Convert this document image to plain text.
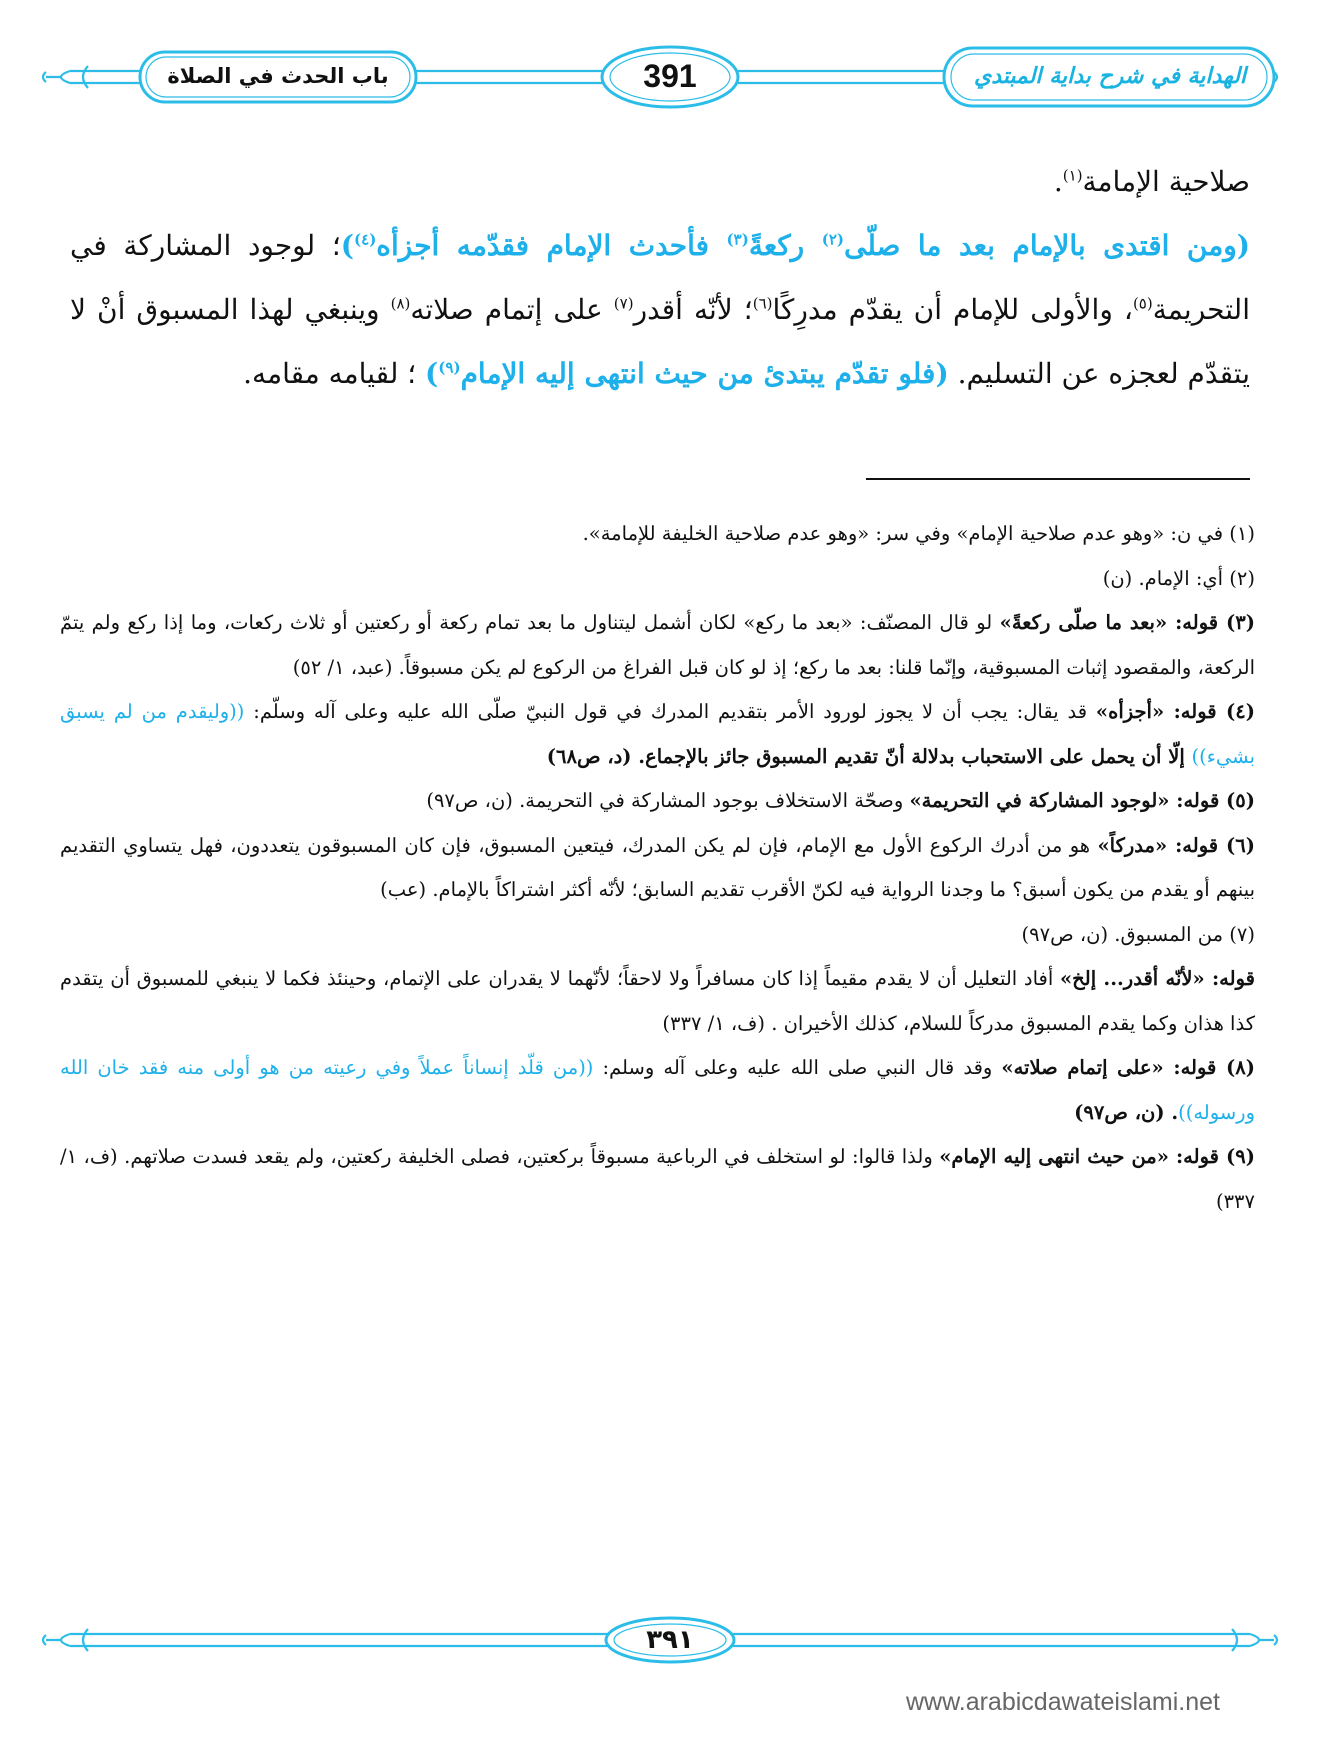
باب الحدث في الصلاة	391	الهداية في شرح بداية المبتدي

صلاحية الإمامة$^{(١)}$.

(ومن اقتدى بالإمام بعد ما صلّى$^{(٢)}$ ركعةً$^{(٣)}$ فأحدث الإمام فقدّمه أجزأه$^{(٤)}$)؛ لوجود المشاركة في التحريمة$^{(٥)}$، والأولى للإمام أن يقدّم مدرِكًا$^{(٦)}$؛ لأنّه أقدر$^{(٧)}$ على إتمام صلاته$^{(٨)}$ وينبغي لهذا المسبوق أنْ لا يتقدّم لعجزه عن التسليم. (فلو تقدّم يبتدئ من حيث انتهى إليه الإمام$^{(٩)}$) ؛ لقيامه مقامه.

(١) في ن: «وهو عدم صلاحية الإمام» وفي سر: «وهو عدم صلاحية الخليفة للإمامة».

(٢) أي: الإمام. (ن)

(٣) قوله: «بعد ما صلّى ركعةً» لو قال المصنّف: «بعد ما ركع» لكان أشمل ليتناول ما بعد تمام ركعة أو ركعتين أو ثلاث ركعات، وما إذا ركع ولم يتمّ الركعة، والمقصود إثبات المسبوقية، وإنّما قلنا: بعد ما ركع؛ إذ لو كان قبل الفراغ من الركوع لم يكن مسبوقاً. (عبد، ١/ ٥٢)

(٤) قوله: «أجزأه» قد يقال: يجب أن لا يجوز لورود الأمر بتقديم المدرك في قول النبيّ صلّى الله عليه وعلى آله وسلّم: ((وليقدم من لم يسبق بشيء)) إلّا أن يحمل على الاستحباب بدلالة أنّ تقديم المسبوق جائز بالإجماع. (د، ص٦٨)

(٥) قوله: «لوجود المشاركة في التحريمة» وصحّة الاستخلاف بوجود المشاركة في التحريمة. (ن، ص٩٧)

(٦) قوله: «مدركاً» هو من أدرك الركوع الأول مع الإمام، فإن لم يكن المدرك، فيتعين المسبوق، فإن كان المسبوقون يتعددون، فهل يتساوي التقديم بينهم أو يقدم من يكون أسبق؟ ما وجدنا الرواية فيه لكنّ الأقرب تقديم السابق؛ لأنّه أكثر اشتراكاً بالإمام. (عب)

(٧) من المسبوق. (ن، ص٩٧)

قوله: «لأنّه أقدر... إلخ» أفاد التعليل أن لا يقدم مقيماً إذا كان مسافراً ولا لاحقاً؛ لأنّهما لا يقدران على الإتمام، وحينئذ فكما لا ينبغي للمسبوق أن يتقدم كذا هذان وكما يقدم المسبوق مدركاً للسلام، كذلك الأخيران . (ف، ١/ ٣٣٧)

(٨) قوله: «على إتمام صلاته» وقد قال النبي صلى الله عليه وعلى آله وسلم: ((من قلّد إنساناً عملاً وفي رعيته من هو أولى منه فقد خان الله ورسوله)). (ن، ص٩٧)

(٩) قوله: «من حيث انتهى إليه الإمام» ولذا قالوا: لو استخلف في الرباعية مسبوقاً بركعتين، فصلى الخليفة ركعتين، ولم يقعد فسدت صلاتهم. (ف، ١/ ٣٣٧)

٣٩١
www.arabicdawateislami.net
